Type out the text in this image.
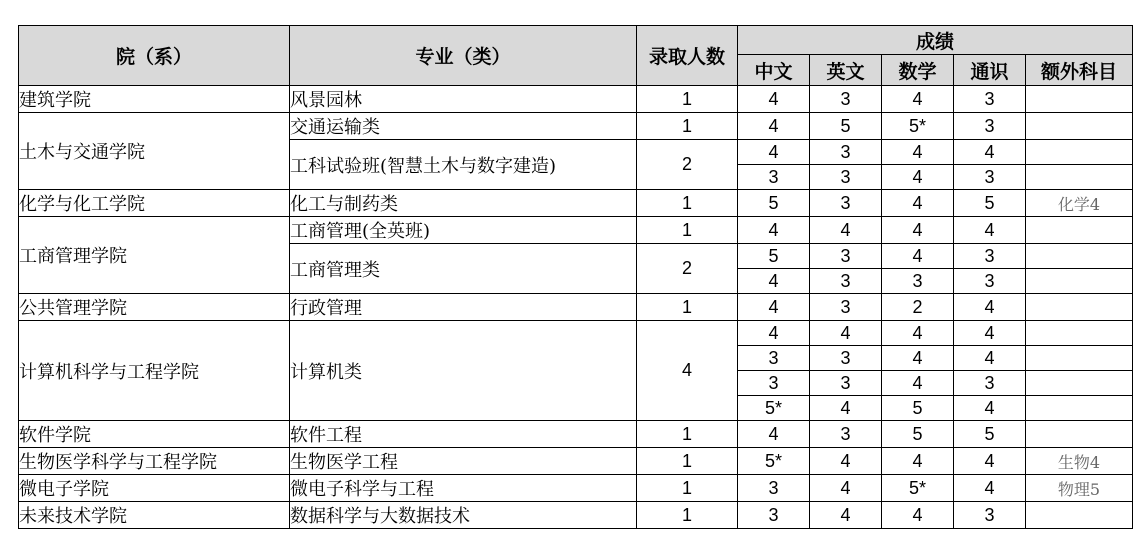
院（系）	专业（类）	录取人数	成绩				
			中文	英文	数学	通识	额外科目
建筑学院	风景园林	1	4	3	4	3	
土木与交通学院	交通运输类	1	4	5	5*	3	
	工科试验班(智慧土木与数字建造)	2	4	3	4	4	
			3	3	4	3	
化学与化工学院	化工与制药类	1	5	3	4	5	化学4
工商管理学院	工商管理(全英班)	1	4	4	4	4	
	工商管理类	2	5	3	4	3	
			4	3	3	3	
公共管理学院	行政管理	1	4	3	2	4	
计算机科学与工程学院	计算机类	4	4	4	4	4	
			3	3	4	4	
			3	3	4	3	
			5*	4	5	4	
软件学院	软件工程	1	4	3	5	5	
生物医学科学与工程学院	生物医学工程	1	5*	4	4	4	生物4
微电子学院	微电子科学与工程	1	3	4	5*	4	物理5
未来技术学院	数据科学与大数据技术	1	3	4	4	3	
